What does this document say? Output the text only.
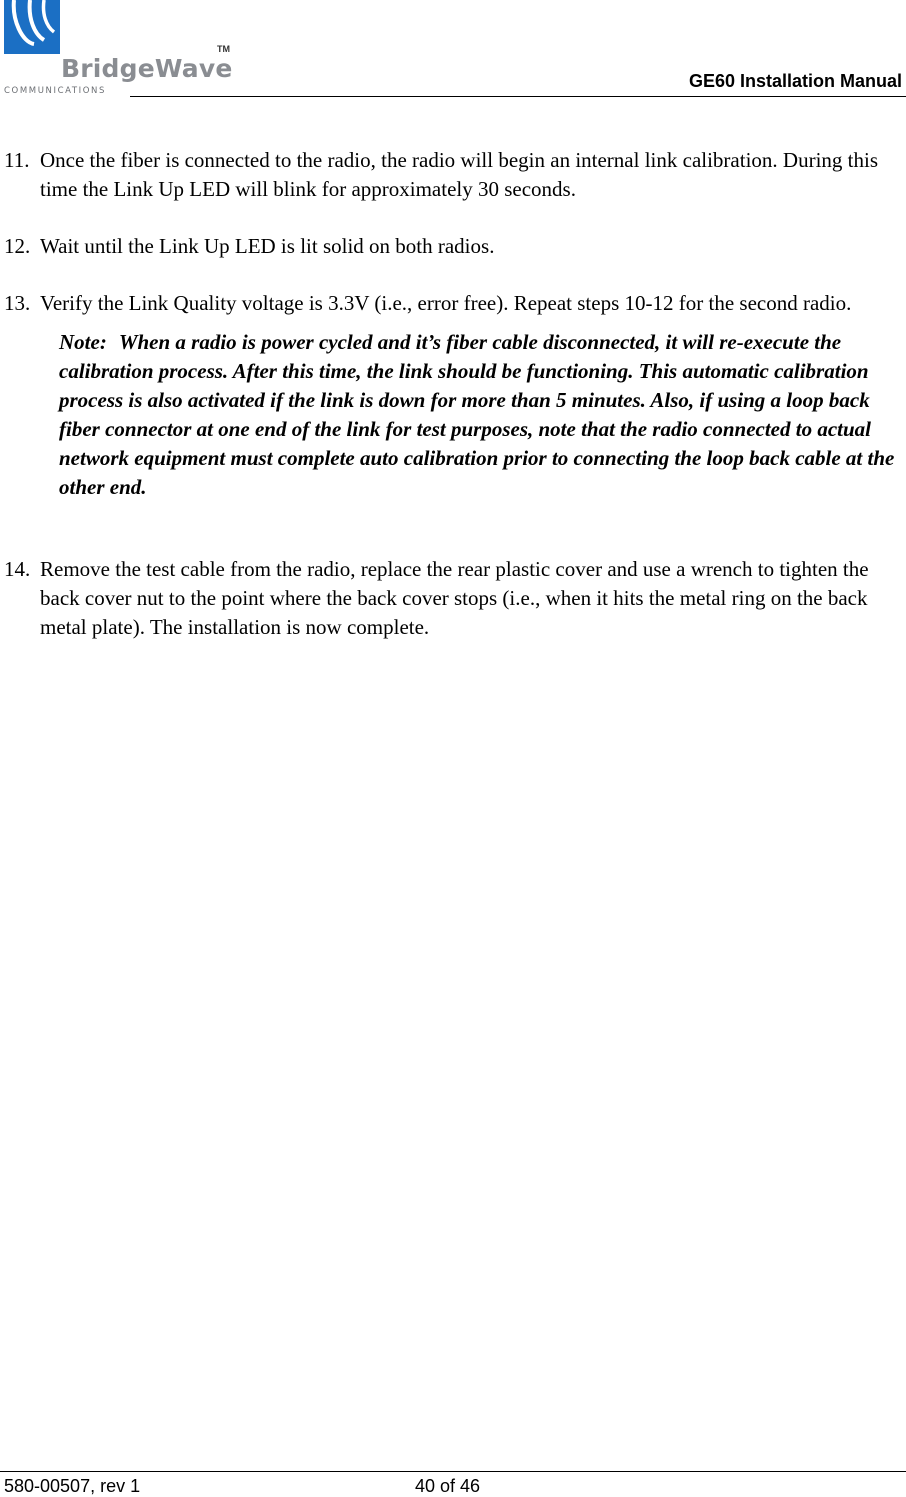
BridgeWave
TM
COMMUNICATIONS	GE60 Installation Manual

11. Once the fiber is connected to the radio, the radio will begin an internal link calibration. During this time the Link Up LED will blink for approximately 30 seconds.

12. Wait until the Link Up LED is lit solid on both radios.

13. Verify the Link Quality voltage is 3.3V (i.e., error free). Repeat steps 10-12 for the second radio.

Note: When a radio is power cycled and it’s fiber cable disconnected, it will re-execute the calibration process. After this time, the link should be functioning. This automatic calibration process is also activated if the link is down for more than 5 minutes. Also, if using a loop back fiber connector at one end of the link for test purposes, note that the radio connected to actual network equipment must complete auto calibration prior to connecting the loop back cable at the other end.

14. Remove the test cable from the radio, replace the rear plastic cover and use a wrench to tighten the back cover nut to the point where the back cover stops (i.e., when it hits the metal ring on the back metal plate). The installation is now complete.

580-00507, rev 1	40 of 46
